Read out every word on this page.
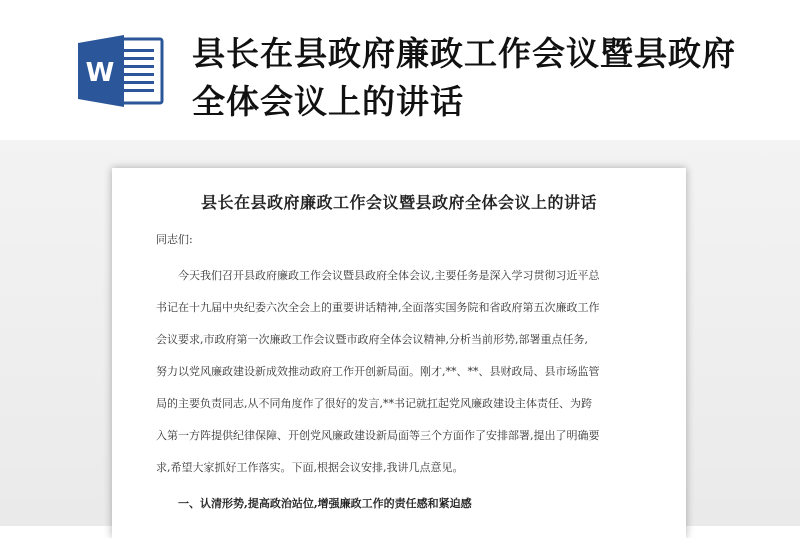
W 县长在县政府廉政工作会议暨县政府全体会议上的讲话
县长在县政府廉政工作会议暨县政府全体会议上的讲话
同志们:
今天我们召开县政府廉政工作会议暨县政府全体会议,主要任务是深入学习贯彻习近平总
书记在十九届中央纪委六次全会上的重要讲话精神,全面落实国务院和省政府第五次廉政工作
会议要求,市政府第一次廉政工作会议暨市政府全体会议精神,分析当前形势,部署重点任务,
努力以党风廉政建设新成效推动政府工作开创新局面。刚才,**、**、县财政局、县市场监管
局的主要负责同志,从不同角度作了很好的发言,**书记就扛起党风廉政建设主体责任、为跨
入第一方阵提供纪律保障、开创党风廉政建设新局面等三个方面作了安排部署,提出了明确要
求,希望大家抓好工作落实。下面,根据会议安排,我讲几点意见。
一、认清形势,提高政治站位,增强廉政工作的责任感和紧迫感
